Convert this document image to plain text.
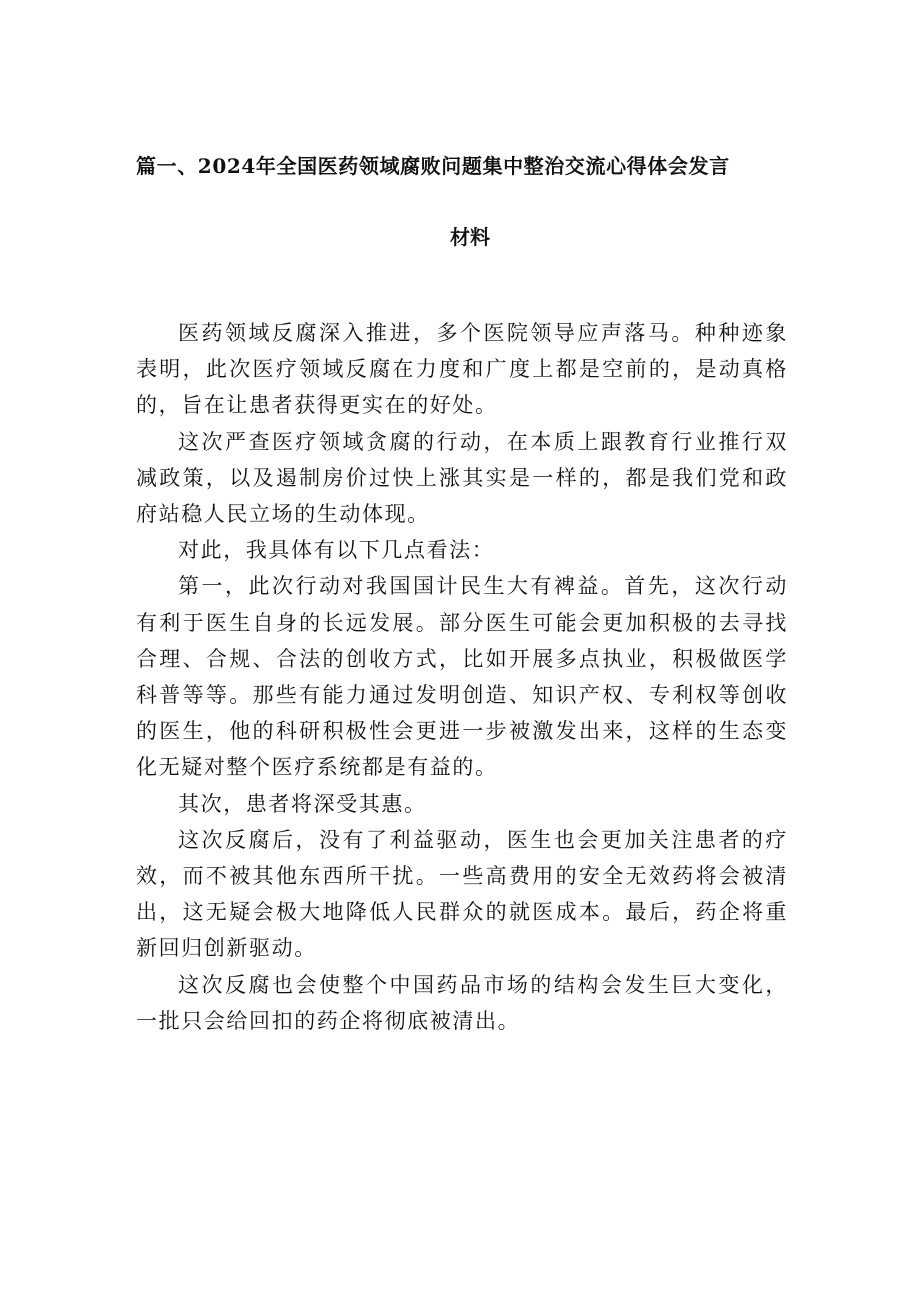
篇一、2024年全国医药领域腐败问题集中整治交流心得体会发言
材料

医药领域反腐深入推进，多个医院领导应声落马。种种迹象表明，此次医疗领域反腐在力度和广度上都是空前的，是动真格的，旨在让患者获得更实在的好处。

这次严查医疗领域贪腐的行动，在本质上跟教育行业推行双减政策，以及遏制房价过快上涨其实是一样的，都是我们党和政府站稳人民立场的生动体现。

对此，我具体有以下几点看法：

第一，此次行动对我国国计民生大有裨益。首先，这次行动有利于医生自身的长远发展。部分医生可能会更加积极的去寻找合理、合规、合法的创收方式，比如开展多点执业，积极做医学科普等等。那些有能力通过发明创造、知识产权、专利权等创收的医生，他的科研积极性会更进一步被激发出来，这样的生态变化无疑对整个医疗系统都是有益的。

其次，患者将深受其惠。

这次反腐后，没有了利益驱动，医生也会更加关注患者的疗效，而不被其他东西所干扰。一些高费用的安全无效药将会被清出，这无疑会极大地降低人民群众的就医成本。最后，药企将重新回归创新驱动。

这次反腐也会使整个中国药品市场的结构会发生巨大变化，一批只会给回扣的药企将彻底被清出。
